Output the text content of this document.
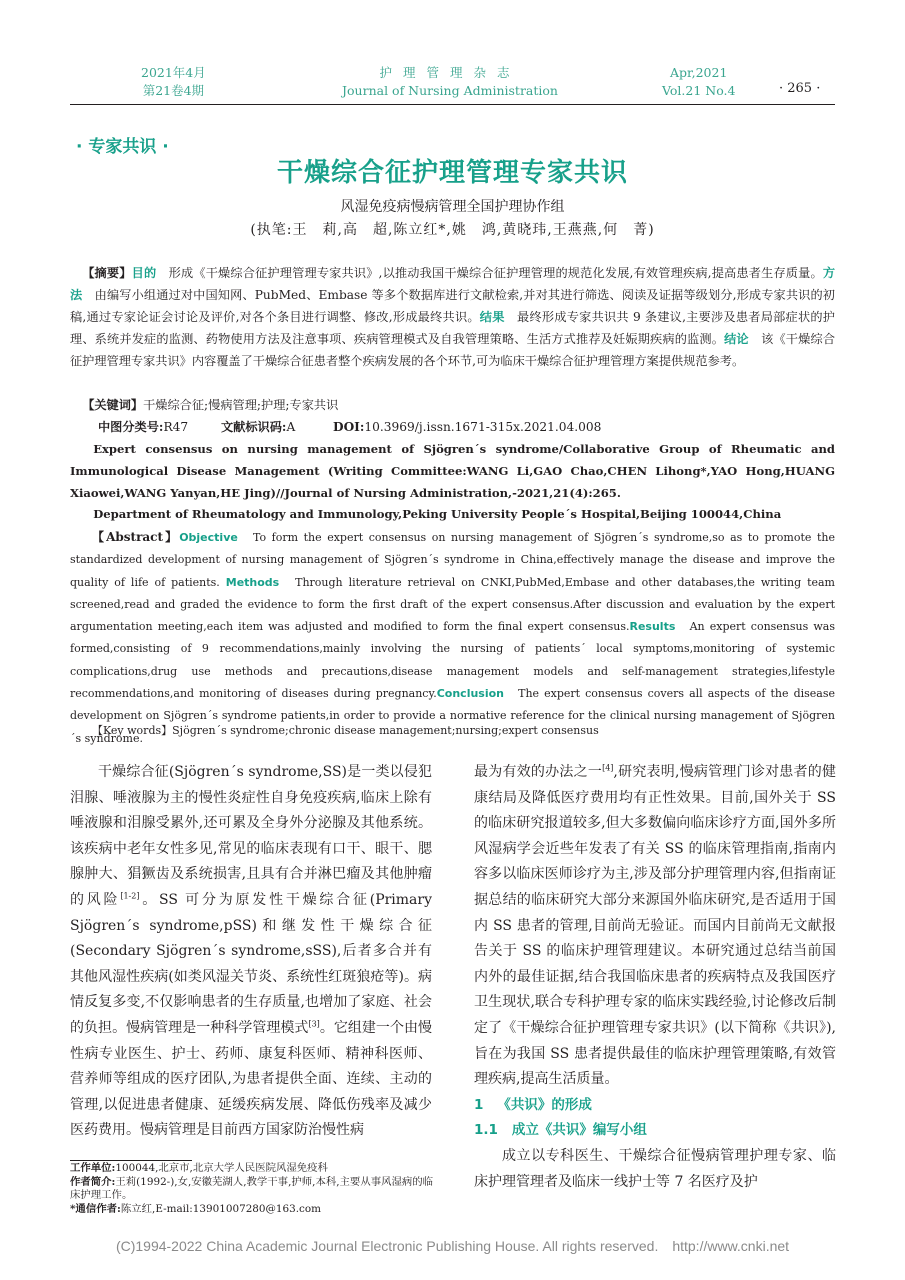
2021年4月
第21卷4期
护理管理杂志
Journal of Nursing Administration
Apr,2021
Vol.21 No.4	· 265 ·
· 专家共识 ·
干燥综合征护理管理专家共识
风湿免疫病慢病管理全国护理协作组
(执笔:王　莉,高　超,陈立红*,姚　鸿,黄晓玮,王燕燕,何　菁)
【摘要】目的　形成《干燥综合征护理管理专家共识》,以推动我国干燥综合征护理管理的规范化发展,有效管理疾病,提高患者生存质量。方法　由编写小组通过对中国知网、PubMed、Embase 等多个数据库进行文献检索,并对其进行筛选、阅读及证据等级划分,形成专家共识的初稿,通过专家论证会讨论及评价,对各个条目进行调整、修改,形成最终共识。结果　最终形成专家共识共 9 条建议,主要涉及患者局部症状的护理、系统并发症的监测、药物使用方法及注意事项、疾病管理模式及自我管理策略、生活方式推荐及妊娠期疾病的监测。结论　该《干燥综合征护理管理专家共识》内容覆盖了干燥综合征患者整个疾病发展的各个环节,可为临床干燥综合征护理管理方案提供规范参考。
【关键词】干燥综合征;慢病管理;护理;专家共识
中图分类号:R47	文献标识码:A	DOI:10.3969/j.issn.1671-315x.2021.04.008
Expert consensus on nursing management of Sjögren´s syndrome/Collaborative Group of Rheumatic and Immunological Disease Management (Writing Committee:WANG Li,GAO Chao,CHEN Lihong*,YAO Hong,HUANG Xiaowei,WANG Yanyan,HE Jing)//Journal of Nursing Administration,-2021,21(4):265.
Department of Rheumatology and Immunology,Peking University People´s Hospital,Beijing 100044,China
【Abstract】Objective　To form the expert consensus on nursing management of Sjögren´s syndrome,so as to promote the standardized development of nursing management of Sjögren´s syndrome in China,effectively manage the disease and improve the quality of life of patients. Methods　Through literature retrieval on CNKI,PubMed,Embase and other databases,the writing team screened,read and graded the evidence to form the first draft of the expert consensus.After discussion and evaluation by the expert argumentation meeting,each item was adjusted and modified to form the final expert consensus.Results　An expert consensus was formed,consisting of 9 recommendations,mainly involving the nursing of patients´ local symptoms,monitoring of systemic complications,drug use methods and precautions,disease management models and self-management strategies,lifestyle recommendations,and monitoring of diseases during pregnancy.Conclusion　The expert consensus covers all aspects of the disease development on Sjögren´s syndrome patients,in order to provide a normative reference for the clinical nursing management of Sjögren´s syndrome.
【Key words】Sjögren´s syndrome;chronic disease management;nursing;expert consensus

干燥综合征(Sjögren´s syndrome,SS)是一类以侵犯泪腺、唾液腺为主的慢性炎症性自身免疫疾病,临床上除有唾液腺和泪腺受累外,还可累及全身外分泌腺及其他系统。该疾病中老年女性多见,常见的临床表现有口干、眼干、腮腺肿大、猖獗齿及系统损害,且具有合并淋巴瘤及其他肿瘤的风险[1-2]。SS 可分为原发性干燥综合征(Primary Sjögren´s syndrome,pSS)和继发性干燥综合征(Secondary Sjögren´s syndrome,sSS),后者多合并有其他风湿性疾病(如类风湿关节炎、系统性红斑狼疮等)。病情反复多变,不仅影响患者的生存质量,也增加了家庭、社会的负担。慢病管理是一种科学管理模式[3]。它组建一个由慢性病专业医生、护士、药师、康复科医师、精神科医师、营养师等组成的医疗团队,为患者提供全面、连续、主动的管理,以促进患者健康、延缓疾病发展、降低伤残率及减少医药费用。慢病管理是目前西方国家防治慢性病

最为有效的办法之一[4],研究表明,慢病管理门诊对患者的健康结局及降低医疗费用均有正性效果。目前,国外关于 SS 的临床研究报道较多,但大多数偏向临床诊疗方面,国外多所风湿病学会近些年发表了有关 SS 的临床管理指南,指南内容多以临床医师诊疗为主,涉及部分护理管理内容,但指南证据总结的临床研究大部分来源国外临床研究,是否适用于国内 SS 患者的管理,目前尚无验证。而国内目前尚无文献报告关于 SS 的临床护理管理建议。本研究通过总结当前国内外的最佳证据,结合我国临床患者的疾病特点及我国医疗卫生现状,联合专科护理专家的临床实践经验,讨论修改后制定了《干燥综合征护理管理专家共识》(以下简称《共识》),旨在为我国 SS 患者提供最佳的临床护理管理策略,有效管理疾病,提高生活质量。

1 《共识》的形成

1.1 成立《共识》编写小组

成立以专科医生、干燥综合征慢病管理护理专家、临床护理管理者及临床一线护士等 7 名医疗及护

工作单位:100044,北京市,北京大学人民医院风湿免疫科
作者简介:王莉(1992-),女,安徽芜湖人,教学干事,护师,本科,主要从事风湿病的临床护理工作。
*通信作者:陈立红,E-mail:13901007280@163.com
(C)1994-2022 China Academic Journal Electronic Publishing House. All rights reserved.　http://www.cnki.net
